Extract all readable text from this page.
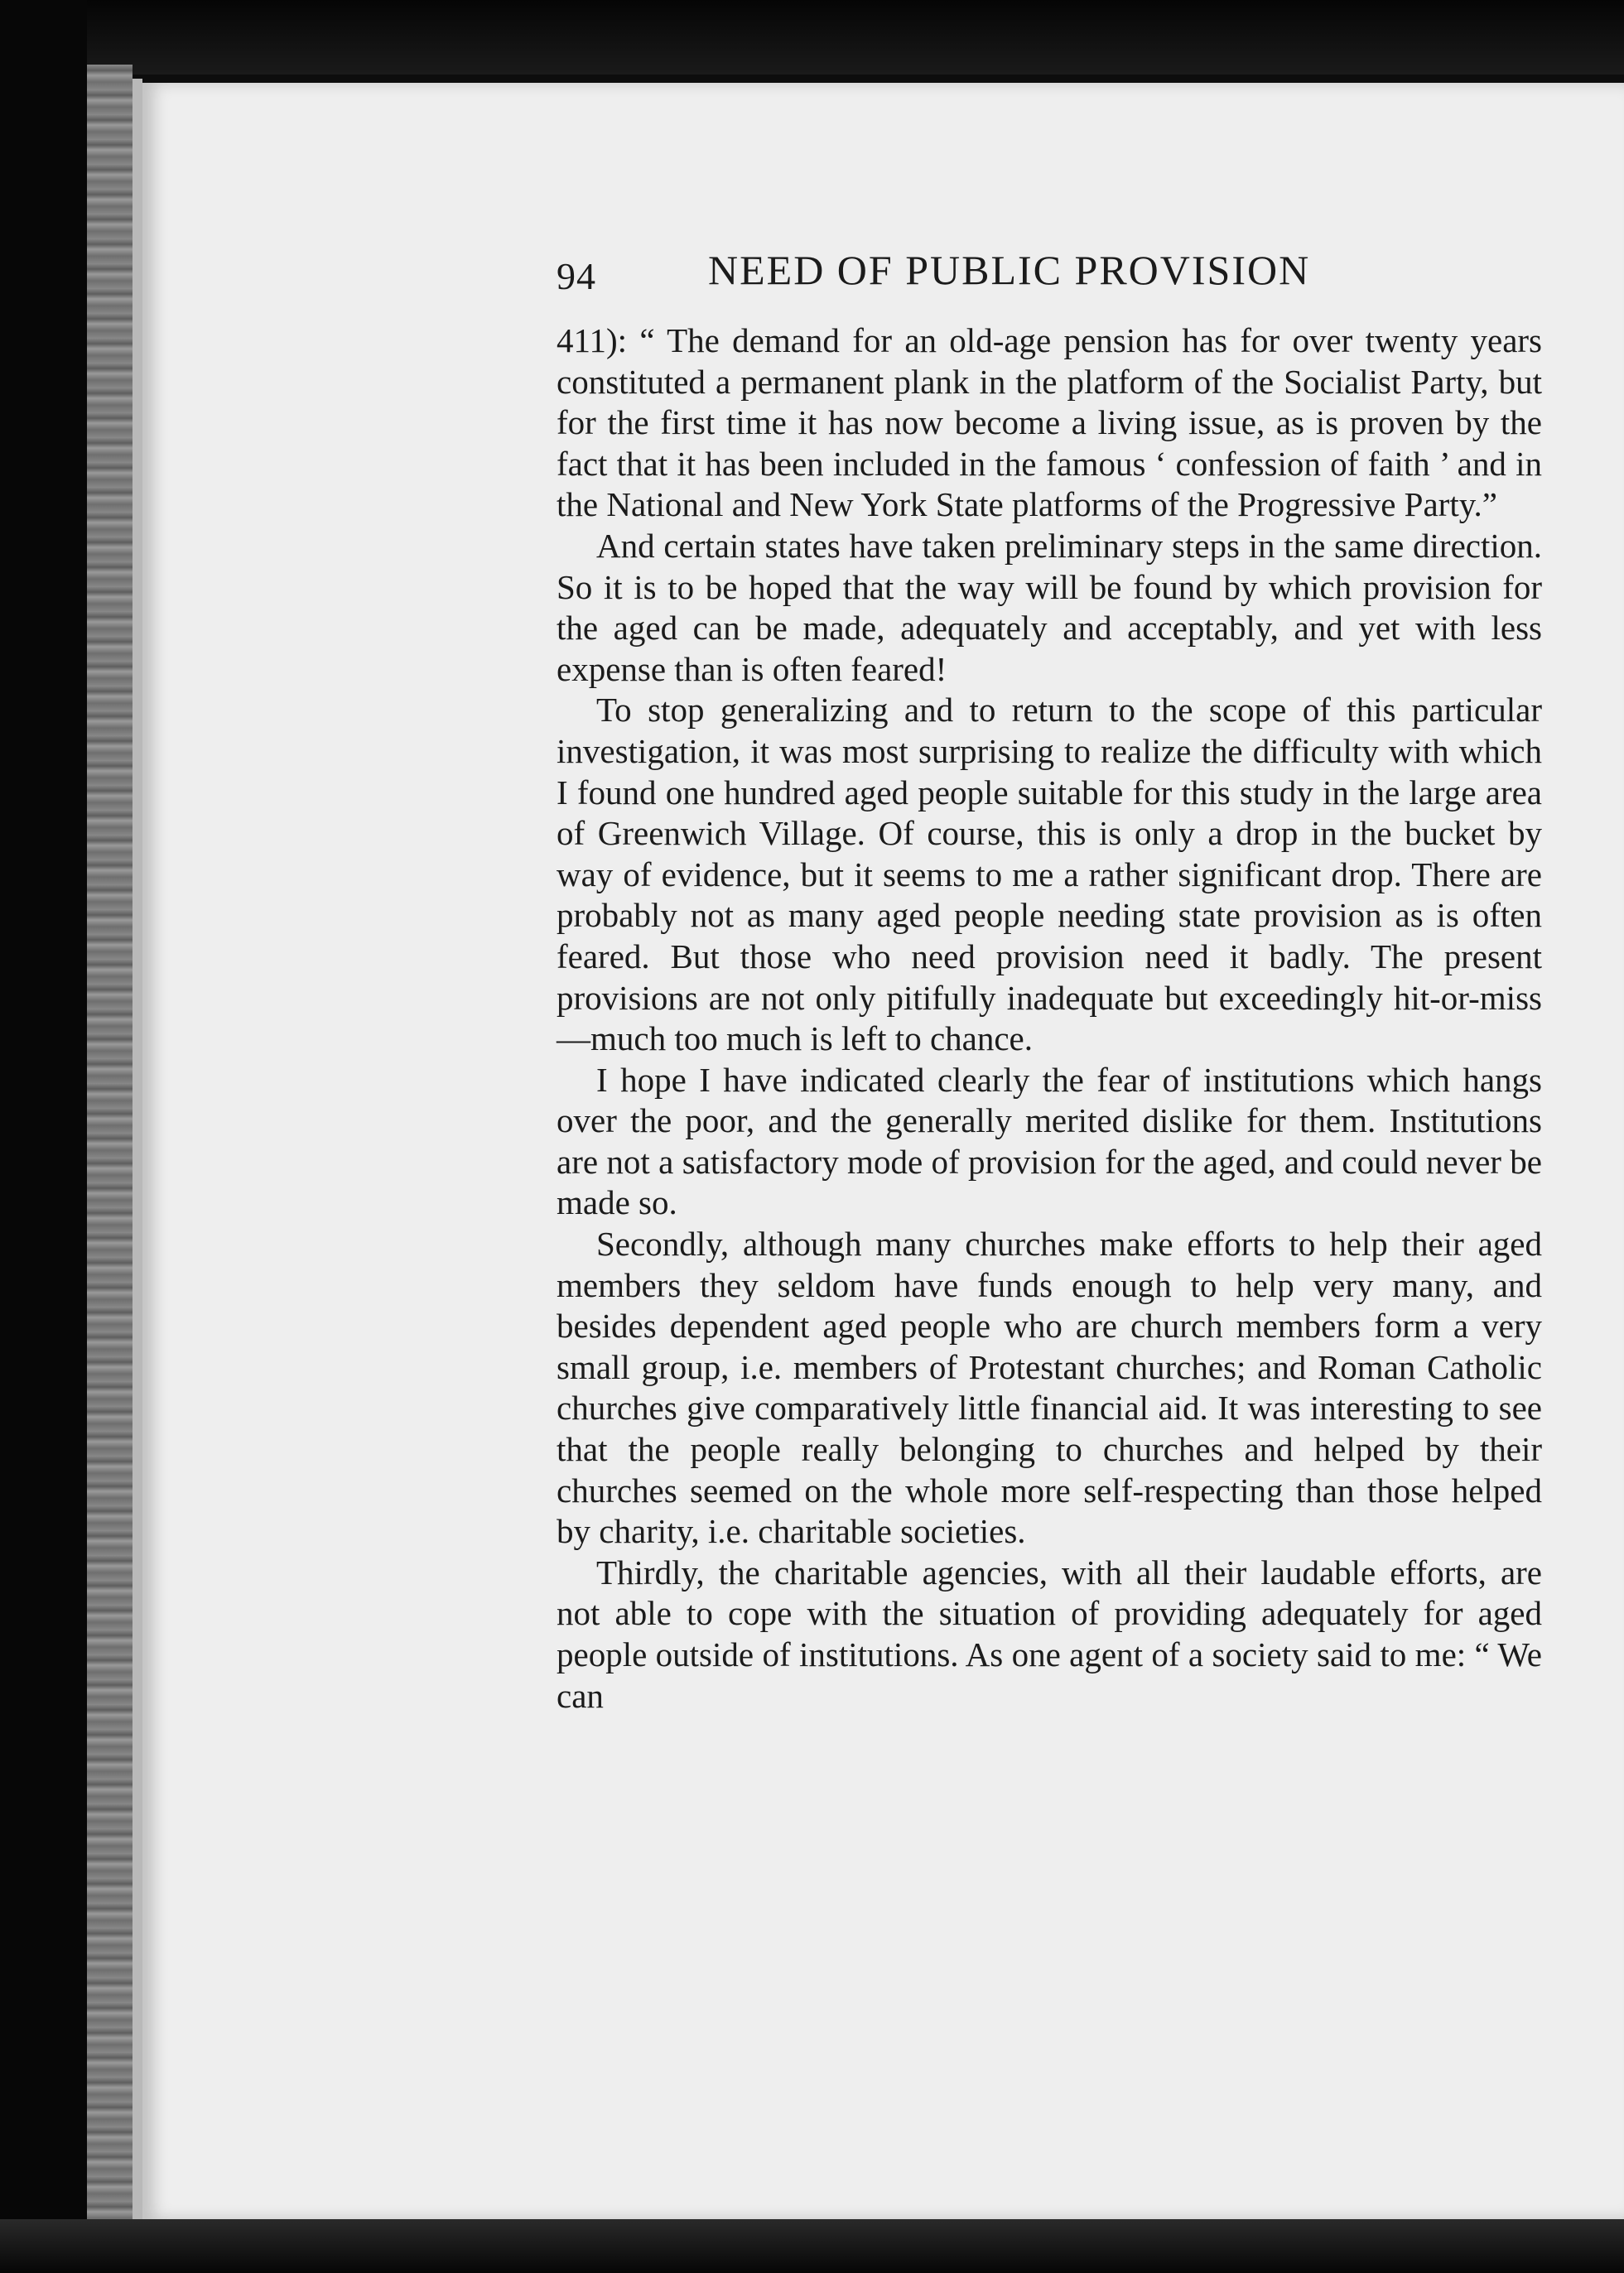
94	NEED OF PUBLIC PROVISION

411): “ The demand for an old-age pension has for over twenty years constituted a permanent plank in the platform of the Socialist Party, but for the first time it has now become a living issue, as is proven by the fact that it has been included in the famous ‘ confession of faith ’ and in the National and New York State platforms of the Progressive Party.”

And certain states have taken preliminary steps in the same direction. So it is to be hoped that the way will be found by which provision for the aged can be made, adequately and acceptably, and yet with less expense than is often feared!

To stop generalizing and to return to the scope of this particular investigation, it was most surprising to realize the difficulty with which I found one hundred aged people suitable for this study in the large area of Greenwich Village. Of course, this is only a drop in the bucket by way of evidence, but it seems to me a rather significant drop. There are probably not as many aged people needing state provision as is often feared. But those who need provision need it badly. The present provisions are not only pitifully inadequate but exceedingly hit-or-miss—much too much is left to chance.

I hope I have indicated clearly the fear of institutions which hangs over the poor, and the generally merited dislike for them. Institutions are not a satisfactory mode of provision for the aged, and could never be made so.

Secondly, although many churches make efforts to help their aged members they seldom have funds enough to help very many, and besides dependent aged people who are church members form a very small group, i.e. members of Protestant churches; and Roman Catholic churches give comparatively little financial aid. It was interesting to see that the people really belonging to churches and helped by their churches seemed on the whole more self-respecting than those helped by charity, i.e. charitable societies.

Thirdly, the charitable agencies, with all their laudable efforts, are not able to cope with the situation of providing adequately for aged people outside of institutions. As one agent of a society said to me: “ We can
